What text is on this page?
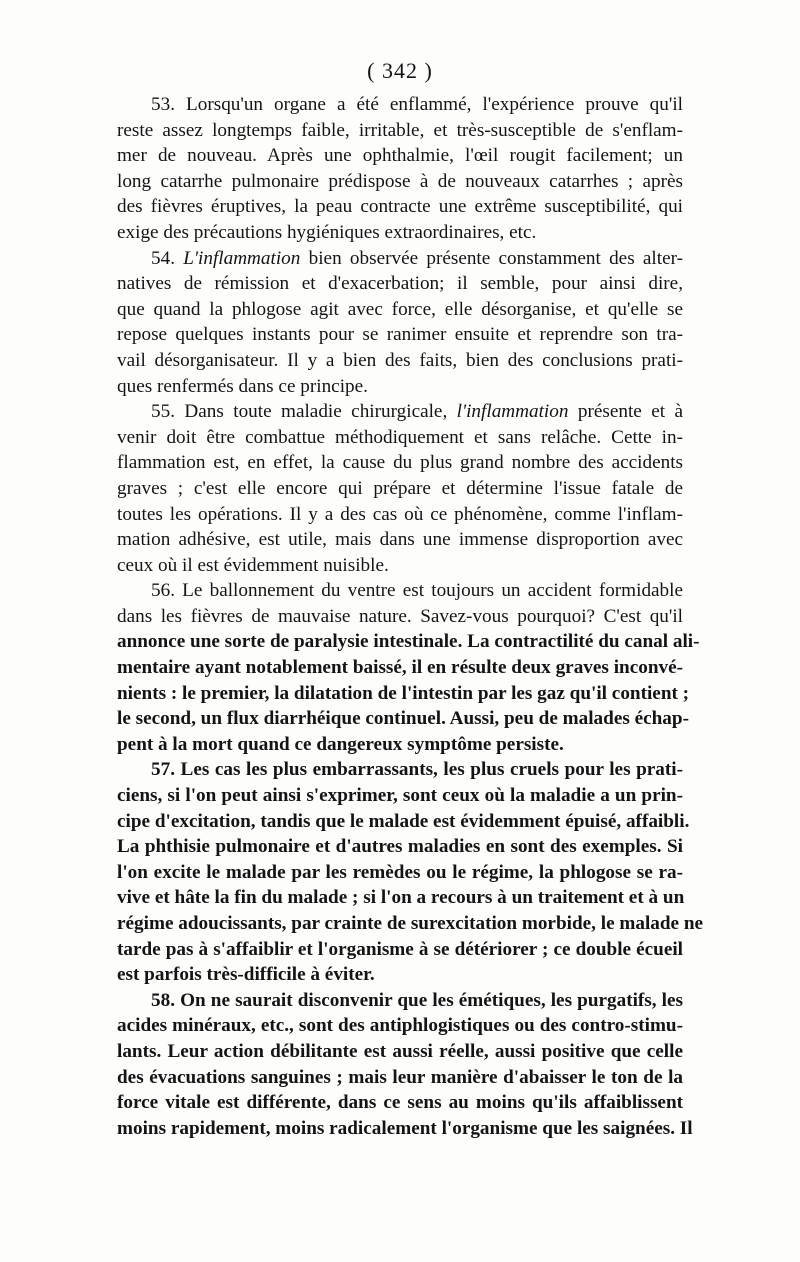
( 342 )
53. Lorsqu'un organe a été enflammé, l'expérience prouve qu'il
reste assez longtemps faible, irritable, et très-susceptible de s'enflam-
mer de nouveau. Après une ophthalmie, l'œil rougit facilement; un
long catarrhe pulmonaire prédispose à de nouveaux catarrhes ; après
des fièvres éruptives, la peau contracte une extrême susceptibilité, qui
exige des précautions hygiéniques extraordinaires, etc.
54. L'inflammation bien observée présente constamment des alter-
natives de rémission et d'exacerbation; il semble, pour ainsi dire,
que quand la phlogose agit avec force, elle désorganise, et qu'elle se
repose quelques instants pour se ranimer ensuite et reprendre son tra-
vail désorganisateur. Il y a bien des faits, bien des conclusions prati-
ques renfermés dans ce principe.
55. Dans toute maladie chirurgicale, l'inflammation présente et à
venir doit être combattue méthodiquement et sans relâche. Cette in-
flammation est, en effet, la cause du plus grand nombre des accidents
graves ; c'est elle encore qui prépare et détermine l'issue fatale de
toutes les opérations. Il y a des cas où ce phénomène, comme l'inflam-
mation adhésive, est utile, mais dans une immense disproportion avec
ceux où il est évidemment nuisible.
56. Le ballonnement du ventre est toujours un accident formidable
dans les fièvres de mauvaise nature. Savez-vous pourquoi? C'est qu'il
annonce une sorte de paralysie intestinale. La contractilité du canal ali-
mentaire ayant notablement baissé, il en résulte deux graves inconvé-
nients : le premier, la dilatation de l'intestin par les gaz qu'il contient ;
le second, un flux diarrhéique continuel. Aussi, peu de malades échap-
pent à la mort quand ce dangereux symptôme persiste.
57. Les cas les plus embarrassants, les plus cruels pour les prati-
ciens, si l'on peut ainsi s'exprimer, sont ceux où la maladie a un prin-
cipe d'excitation, tandis que le malade est évidemment épuisé, affaibli.
La phthisie pulmonaire et d'autres maladies en sont des exemples. Si
l'on excite le malade par les remèdes ou le régime, la phlogose se ra-
vive et hâte la fin du malade ; si l'on a recours à un traitement et à un
régime adoucissants, par crainte de surexcitation morbide, le malade ne
tarde pas à s'affaiblir et l'organisme à se détériorer ; ce double écueil
est parfois très-difficile à éviter.
58. On ne saurait disconvenir que les émétiques, les purgatifs, les
acides minéraux, etc., sont des antiphlogistiques ou des contro-stimu-
lants. Leur action débilitante est aussi réelle, aussi positive que celle
des évacuations sanguines ; mais leur manière d'abaisser le ton de la
force vitale est différente, dans ce sens au moins qu'ils affaiblissent
moins rapidement, moins radicalement l'organisme que les saignées. Il
